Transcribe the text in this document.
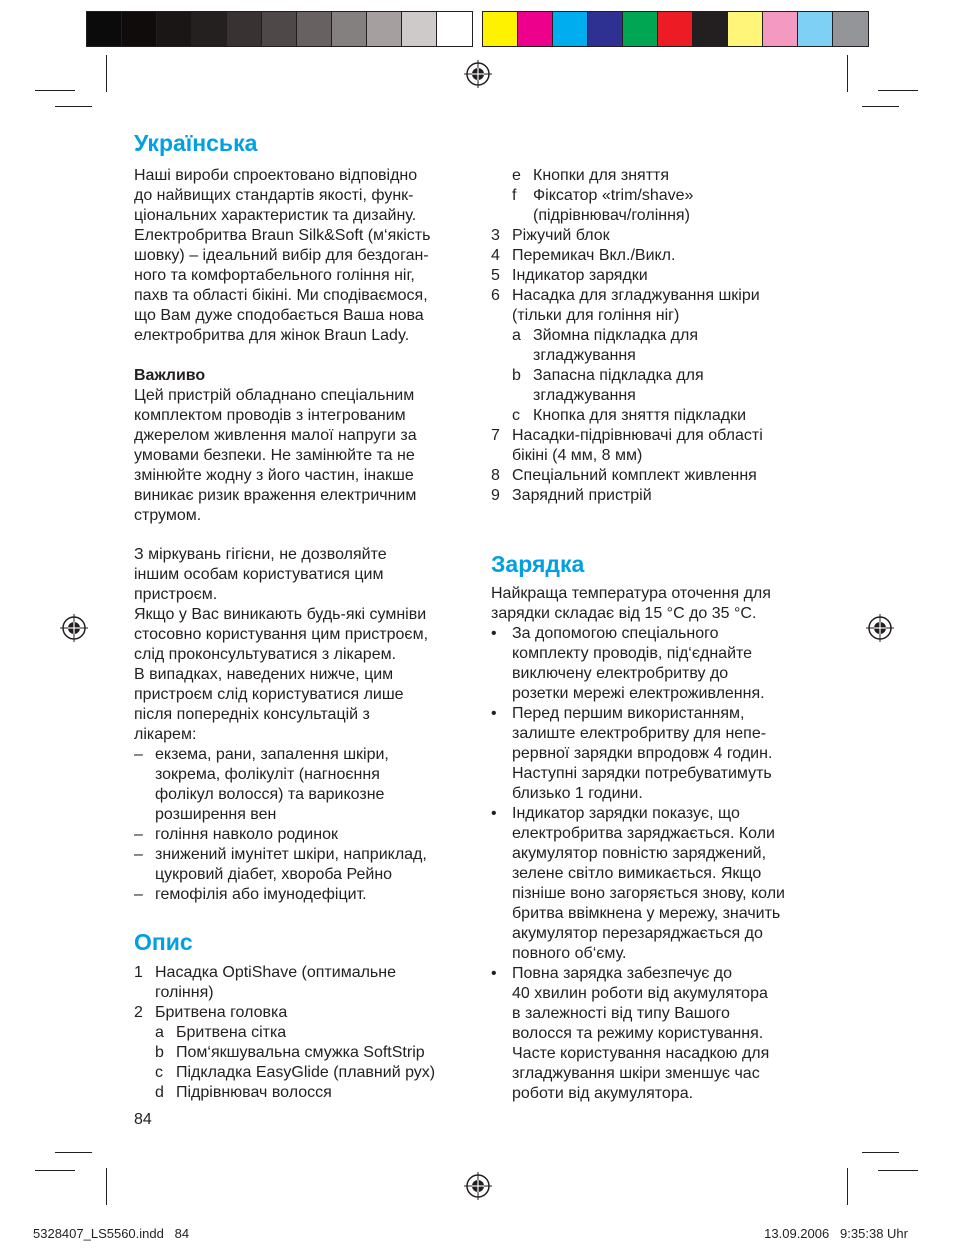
Українська

Наші вироби спроектовано відповідно

до найвищих стандартів якості, функ-

ціональних характеристик та дизайну.

Електробритва Braun Silk&Soft (м‘якість

шовку) – ідеальний вибір для бездоган-

ного та комфортабельного гоління ніг,

пахв та області бікіні. Ми сподіваємося,

що Вам дуже сподобається Ваша нова

електробритва для жінок Braun Lady.

Важливо

Цей пристрій обладнано спеціальним

комплектом проводів з інтегрованим

джерелом живлення малої напруги за

умовами безпеки. Не замінюйте та не

змінюйте жодну з його частин, інакше

виникає ризик враження електричним

струмом.

З міркувань гігієни, не дозволяйте

іншим особам користуватися цим

пристроєм.

Якщо у Вас виникають будь-які сумніви

стосовно користування цим пристроєм,

слід проконсультуватися з лікарем.

В випадках, наведених нижче, цим

пристроєм слід користуватися лише

після попередніх консультацій з

лікарем:

– екзема, рани, запалення шкіри,
зокрема, фолікуліт (нагноєння
фолікул волосся) та варикозне
розширення вен
– гоління навколо родинок
– знижений імунітет шкіри, наприклад,
цукровий діабет, хвороба Рейно
– гемофілія або імунодефіцит.
Опис
1 Насадка OptiShave (оптимальне
гоління)
2 Бритвена головка
a Бритвена сітка
b Пом‘якшувальна смужка SoftStrip
c Підкладка EasyGlide (плавний рух)
d Підрівнювач волосся
84
e Кнопки для зняття
f	Фіксатор «trim/shave»
(підрівнювач/гоління)
3 Ріжучий блок
4 Перемикач Вкл./Викл.
5 Індикатор зарядки
6 Насадка для згладжування шкіри
(тільки для гоління ніг)
a Зйомна підкладка для
згладжування
b Запасна підкладка для
згладжування
c Кнопка для зняття підкладки
7 Насадки-підрівнювачі для області
бікіні (4 мм, 8 мм)
8 Спеціальний комплект живлення
9 Зарядний пристрій
Зарядка

Найкраща температура оточення для

зарядки складає від 15 °C до 35 °C.

• За допомогою спеціального
комплекту проводів, під‘єднайте
виключену електробритву до
розетки мережі електроживлення.
• Перед першим використанням,
залиште електробритву для непе-
рервної зарядки впродовж 4 годин.
Наступні зарядки потребуватимуть
близько 1 години.
• Індикатор зарядки показує, що
електробритва заряджається. Коли
акумулятор повністю заряджений,
зелене світло вимикається. Якщо
пізніше воно загоряється знову, коли
бритва ввімкнена у мережу, значить
акумулятор перезаряджається до
повного об‘єму.
• Повна зарядка забезпечує до
40 хвилин роботи від акумулятора
в залежності від типу Вашого
волосся та режиму користування.
Часте користування насадкою для
згладжування шкіри зменшує час
роботи від акумулятора.
5328407_LS5560.indd   84	13.09.2006   9:35:38 Uhr
